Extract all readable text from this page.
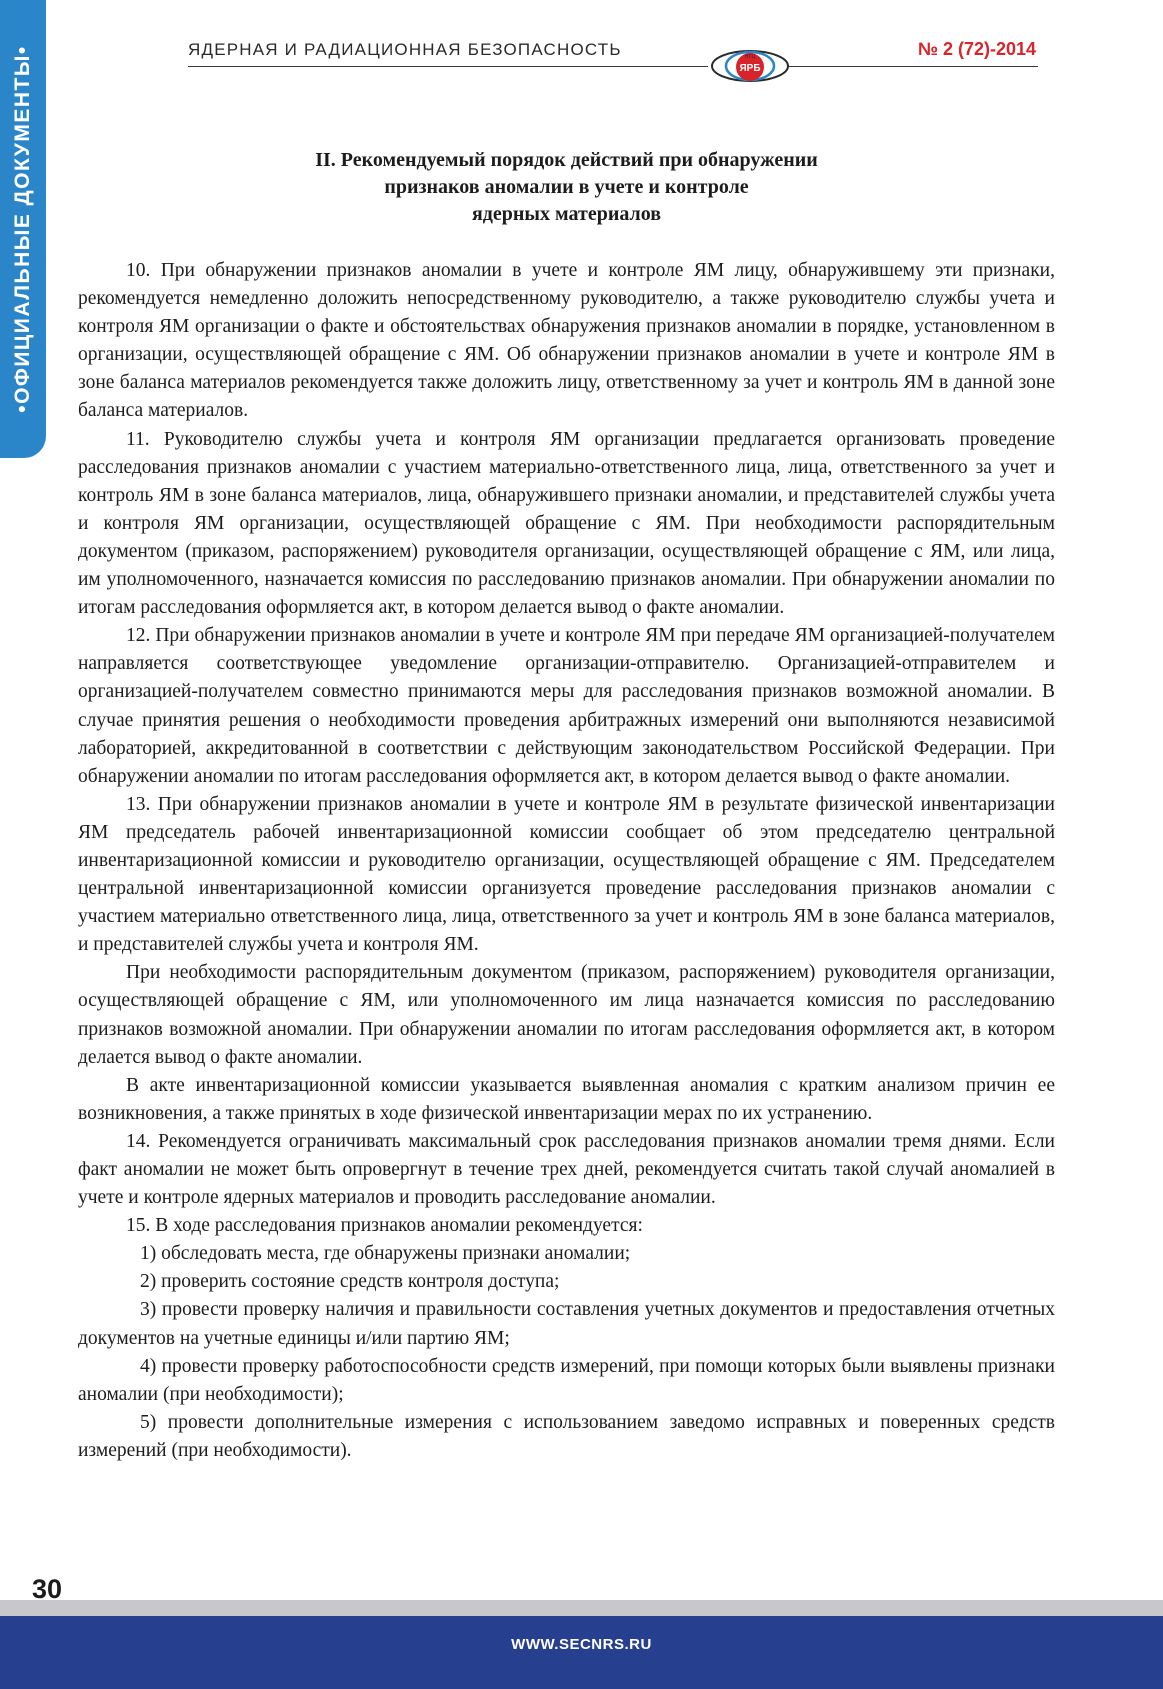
•ОФИЦИАЛЬНЫЕ ДОКУМЕНТЫ•	ЯДЕРНАЯ И РАДИАЦИОННАЯ БЕЗОПАСНОСТЬ	НТЦ
ЯРБ
№ 2 (72)-2014
II. Рекомендуемый порядок действий при обнаружении
признаков аномалии в учете и контроле
ядерных материалов

10. При обнаружении признаков аномалии в учете и контроле ЯМ лицу, обнаружившему эти признаки, рекомендуется немедленно доложить непосредственному руководителю, а также руководителю службы учета и контроля ЯМ организации о факте и обстоятельствах обнаружения признаков аномалии в порядке, установленном в организации, осуществляющей обращение с ЯМ. Об обнаружении признаков аномалии в учете и контроле ЯМ в зоне баланса материалов рекомендуется также доложить лицу, ответственному за учет и контроль ЯМ в данной зоне баланса материалов.

11. Руководителю службы учета и контроля ЯМ организации предлагается организовать проведение расследования признаков аномалии с участием материально-ответственного лица, лица, ответственного за учет и контроль ЯМ в зоне баланса материалов, лица, обнаружившего признаки аномалии, и представителей службы учета и контроля ЯМ организации, осуществляющей обращение с ЯМ. При необходимости распорядительным документом (приказом, распоряжением) руководителя организации, осуществляющей обращение с ЯМ, или лица, им уполномоченного, назначается комиссия по расследованию признаков аномалии. При обнаружении аномалии по итогам расследования оформляется акт, в котором делается вывод о факте аномалии.

12. При обнаружении признаков аномалии в учете и контроле ЯМ при передаче ЯМ организацией-получателем направляется соответствующее уведомление организации-отправителю. Организацией-отправителем и организацией-получателем совместно принимаются меры для расследования признаков возможной аномалии. В случае принятия решения о необходимости проведения арбитражных измерений они выполняются независимой лабораторией, аккредитованной в соответствии с действующим законодательством Российской Федерации. При обнаружении аномалии по итогам расследования оформляется акт, в котором делается вывод о факте аномалии.

13. При обнаружении признаков аномалии в учете и контроле ЯМ в результате физической инвентаризации ЯМ председатель рабочей инвентаризационной комиссии сообщает об этом председателю центральной инвентаризационной комиссии и руководителю организации, осуществляющей обращение с ЯМ. Председателем центральной инвентаризационной комиссии организуется проведение расследования признаков аномалии с участием материально ответственного лица, лица, ответственного за учет и контроль ЯМ в зоне баланса материалов, и представителей службы учета и контроля ЯМ.

При необходимости распорядительным документом (приказом, распоряжением) руководителя организации, осуществляющей обращение с ЯМ, или уполномоченного им лица назначается комиссия по расследованию признаков возможной аномалии. При обнаружении аномалии по итогам расследования оформляется акт, в котором делается вывод о факте аномалии.

В акте инвентаризационной комиссии указывается выявленная аномалия с кратким анализом причин ее возникновения, а также принятых в ходе физической инвентаризации мерах по их устранению.

14. Рекомендуется ограничивать максимальный срок расследования признаков аномалии тремя днями. Если факт аномалии не может быть опровергнут в течение трех дней, рекомендуется считать такой случай аномалией в учете и контроле ядерных материалов и проводить расследование аномалии.

15. В ходе расследования признаков аномалии рекомендуется:

1) обследовать места, где обнаружены признаки аномалии;

2) проверить состояние средств контроля доступа;

3) провести проверку наличия и правильности составления учетных документов и предоставления отчетных документов на учетные единицы и/или партию ЯМ;

4) провести проверку работоспособности средств измерений, при помощи которых были выявлены признаки аномалии (при необходимости);

5) провести дополнительные измерения с использованием заведомо исправных и поверенных средств измерений (при необходимости).

30
WWW.SECNRS.RU
